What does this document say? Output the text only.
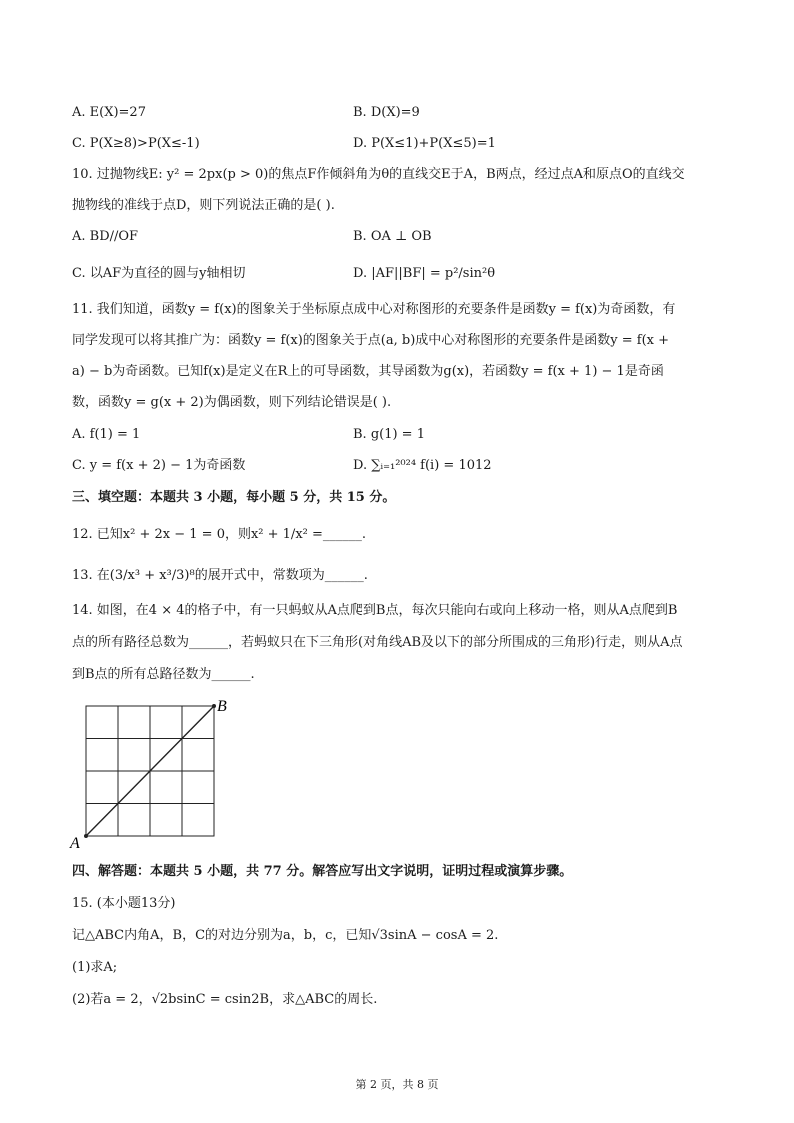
A. E(X)=27	B. D(X)=9
C. P(X≥8)>P(X≤-1)	D. P(X≤1)+P(X≤5)=1
10. 过抛物线E: y² = 2px(p > 0)的焦点F作倾斜角为θ的直线交E于A，B两点，经过点A和原点O的直线交
抛物线的准线于点D，则下列说法正确的是( ).
A. BD//OF	B. OA ⊥ OB
C. 以AF为直径的圆与y轴相切	D. |AF||BF| = p²/sin²θ
11. 我们知道，函数y = f(x)的图象关于坐标原点成中心对称图形的充要条件是函数y = f(x)为奇函数，有
同学发现可以将其推广为：函数y = f(x)的图象关于点(a, b)成中心对称图形的充要条件是函数y = f(x +
a) − b为奇函数。已知f(x)是定义在R上的可导函数，其导函数为g(x)，若函数y = f(x + 1) − 1是奇函
数，函数y = g(x + 2)为偶函数，则下列结论错误是( ).
A. f(1) = 1	B. g(1) = 1
C. y = f(x + 2) − 1为奇函数	D. ∑ᵢ₌₁²⁰²⁴ f(i) = 1012
三、填空题：本题共 3 小题，每小题 5 分，共 15 分。
12. 已知x² + 2x − 1 = 0，则x² + 1/x² =______.
13. 在(3/x³ + x³/3)⁸的展开式中，常数项为______.
14. 如图，在4 × 4的格子中，有一只蚂蚁从A点爬到B点，每次只能向右或向上移动一格，则从A点爬到B
点的所有路径总数为______，若蚂蚁只在下三角形(对角线AB及以下的部分所围成的三角形)行走，则从A点
到B点的所有总路径数为______.
A
B
四、解答题：本题共 5 小题，共 77 分。解答应写出文字说明，证明过程或演算步骤。
15. (本小题13分)
记△ABC内角A，B，C的对边分别为a，b，c，已知√3sinA − cosA = 2.
(1)求A;
(2)若a = 2，√2bsinC = csin2B，求△ABC的周长.
第 2 页，共 8 页
